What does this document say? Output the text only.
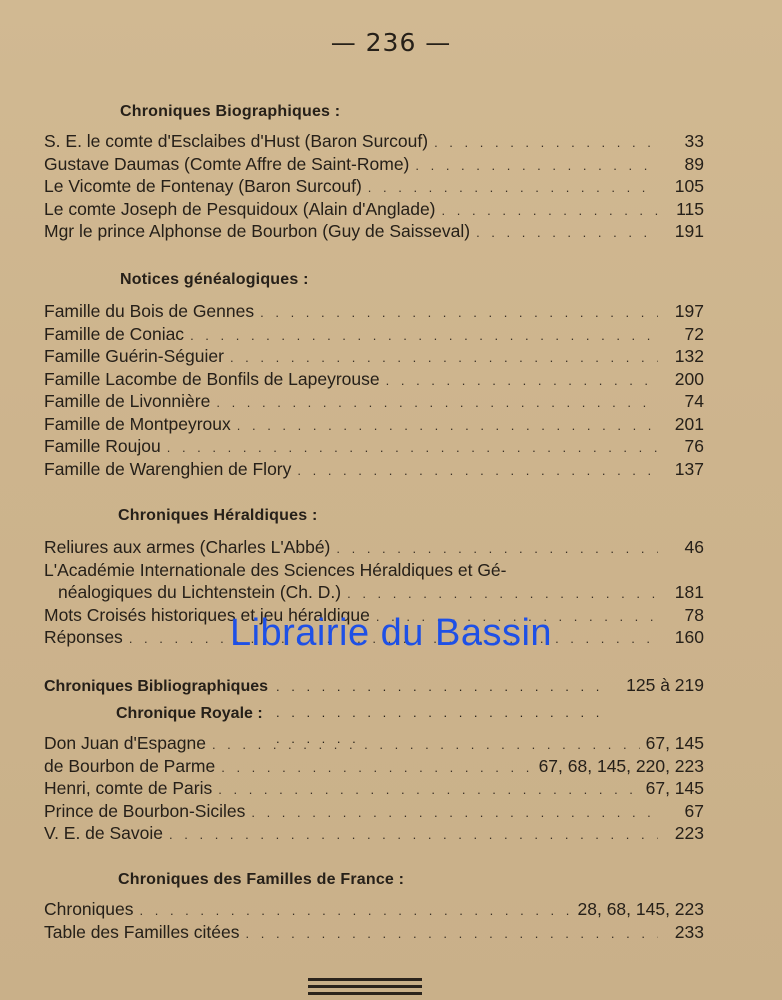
— 236 —
Chroniques Biographiques :
S. E. le comte d'Esclaibes d'Hust (Baron Surcouf) . . .	33
Gustave Daumas (Comte Affre de Saint-Rome) . . .	89
Le Vicomte de Fontenay (Baron Surcouf) . . .	105
Le comte Joseph de Pesquidoux (Alain d'Anglade) . . .	115
Mgr le prince Alphonse de Bourbon (Guy de Saisseval) . . .	191
Notices généalogiques :
Famille du Bois de Gennes . . .	197
Famille de Coniac . . .	72
Famille Guérin-Séguier . . .	132
Famille Lacombe de Bonfils de Lapeyrouse . . .	200
Famille de Livonnière . . .	74
Famille de Montpeyroux . . .	201
Famille Roujou . . .	76
Famille de Warenghien de Flory . . .	137
Chroniques Héraldiques :
Reliures aux armes (Charles L'Abbé) . . .	46
L'Académie Internationale des Sciences Héraldiques et Gé-
néalogiques du Lichtenstein (Ch. D.) . . .	181
Mots Croisés historiques et jeu héraldique . . .	78
Réponses . . .	160
Chroniques Bibliographiques . . .	125 à 219
Chronique Royale :
Don Juan d'Espagne . . .	67, 145
de Bourbon de Parme . . .	67, 68, 145, 220, 223
Henri, comte de Paris . . .	67, 145
Prince de Bourbon-Siciles . . .	67
V. E. de Savoie . . .	223
Chroniques des Familles de France :
Chroniques . . .	28, 68, 145, 223
Table des Familles citées . . .	233
Librairie du Bassin
